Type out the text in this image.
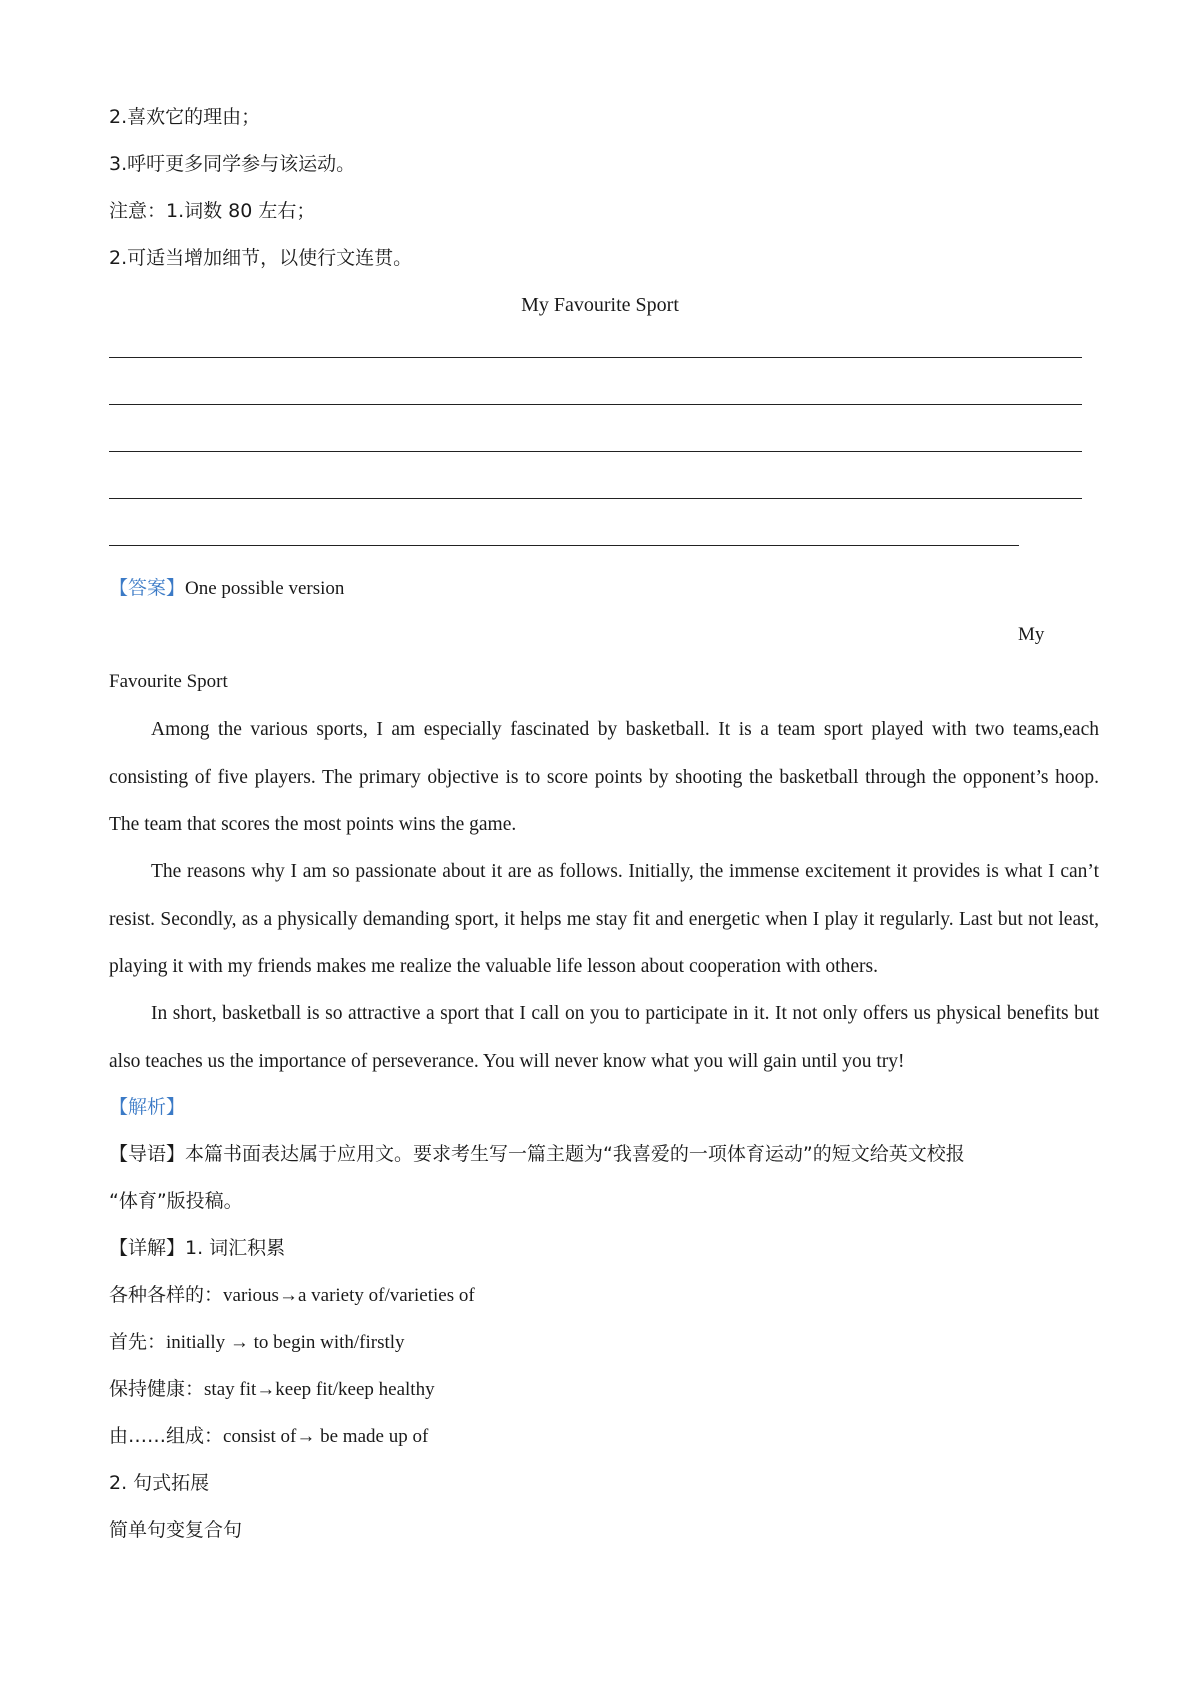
2.喜欢它的理由；
3.呼吁更多同学参与该运动。
注意：1.词数 80 左右；
2.可适当增加细节，以使行文连贯。
My Favourite Sport
【答案】One possible version
My
Favourite Sport

Among the various sports, I am especially fascinated by basketball. It is a team sport played with two teams,each consisting of five players. The primary objective is to score points by shooting the basketball through the opponent’s hoop. The team that scores the most points wins the game.

The reasons why I am so passionate about it are as follows. Initially, the immense excitement it provides is what I can’t resist. Secondly, as a physically demanding sport, it helps me stay fit and energetic when I play it regularly. Last but not least, playing it with my friends makes me realize the valuable life lesson about cooperation with others.

In short, basketball is so attractive a sport that I call on you to participate in it. It not only offers us physical benefits but also teaches us the importance of perseverance. You will never know what you will gain until you try!

【解析】
【导语】本篇书面表达属于应用文。要求考生写一篇主题为“我喜爱的一项体育运动”的短文给英文校报
“体育”版投稿。
【详解】1. 词汇积累
各种各样的：various→a variety of/varieties of
首先：initially → to begin with/firstly
保持健康：stay fit→keep fit/keep healthy
由……组成：consist of→ be made up of
2. 句式拓展
简单句变复合句
